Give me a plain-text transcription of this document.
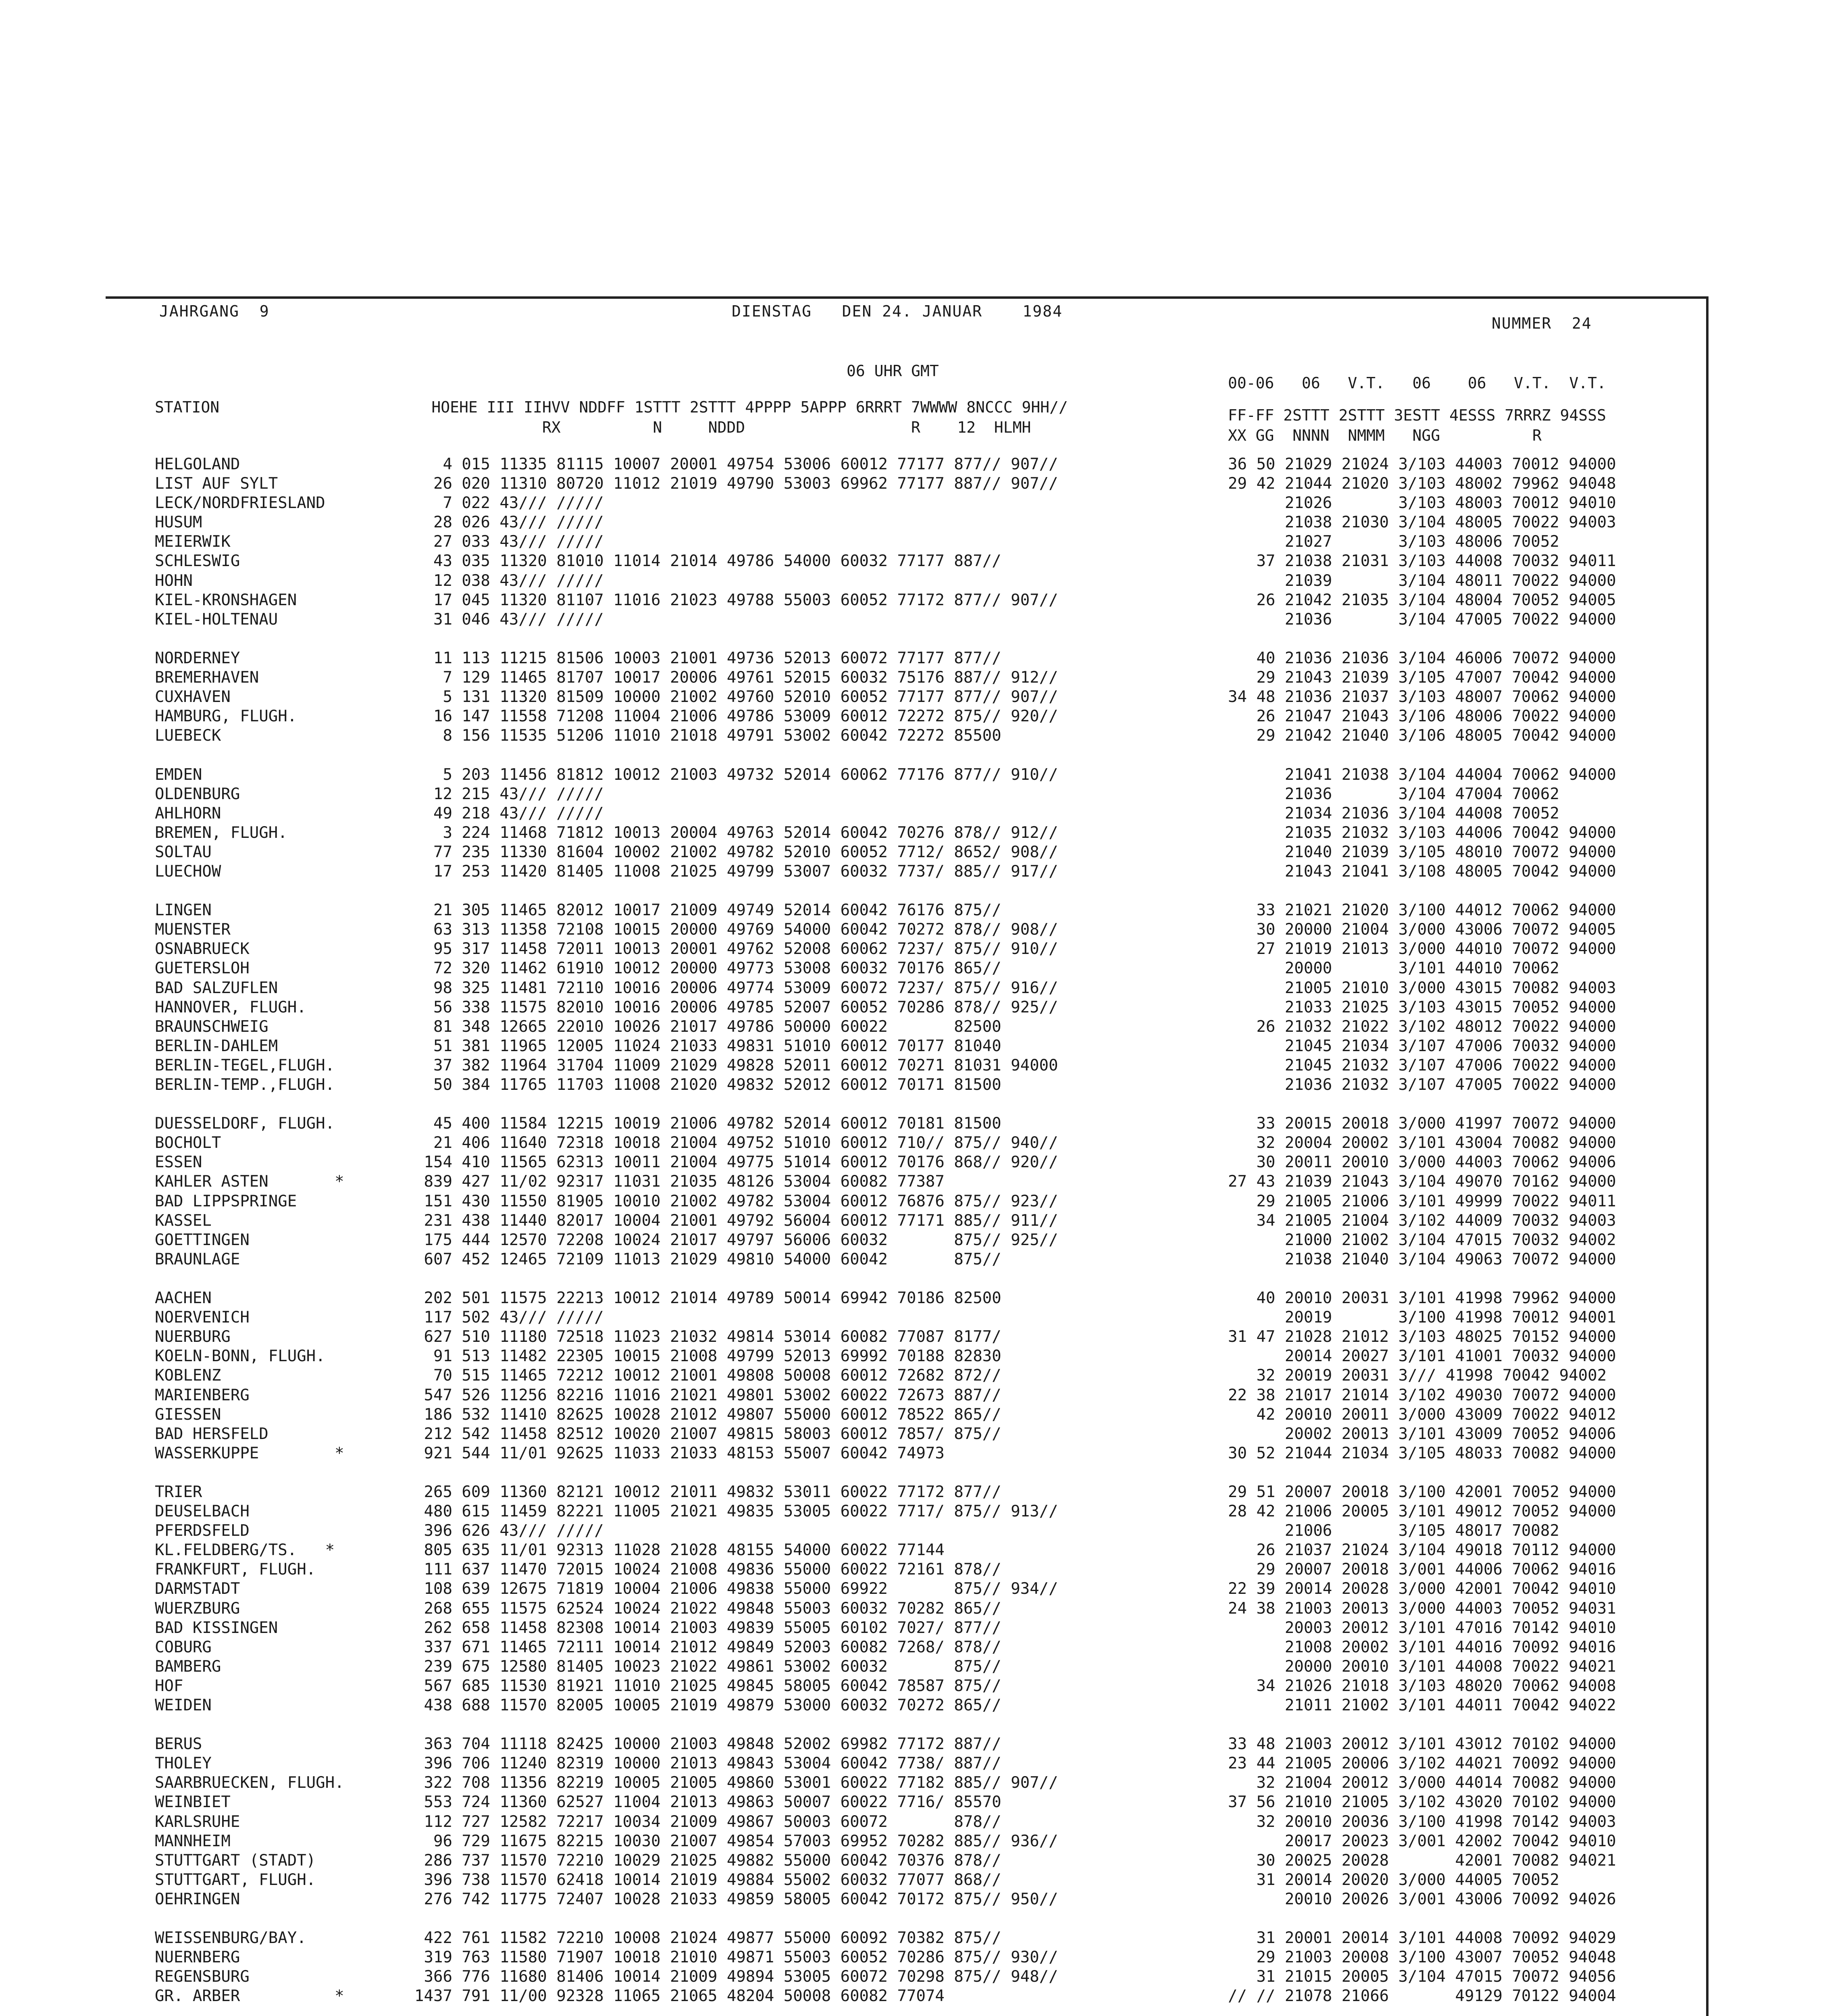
JAHRGANG  9	DIENSTAG   DEN 24. JANUAR    1984
NUMMER  24
06 UHR GMT
STATION                       HOEHE III IIHVV NDDFF 1STTT 2STTT 4PPPP 5APPP 6RRRT 7WWWW 8NCCC 9HH//
RX          N     NDDD                  R    12  HLMH
00-06   06   V.T.   06    06   V.T.  V.T.
FF-FF 2STTT 2STTT 3ESTT 4ESSS 7RRRZ 94SSS
XX GG  NNNN  NMMM   NGG          R
HELGOLAND
LIST AUF SYLT
LECK/NORDFRIESLAND
HUSUM
MEIERWIK
SCHLESWIG
HOHN
KIEL-KRONSHAGEN
KIEL-HOLTENAU
NORDERNEY
BREMERHAVEN
CUXHAVEN
HAMBURG, FLUGH.
LUEBECK
EMDEN
OLDENBURG
AHLHORN
BREMEN, FLUGH.
SOLTAU
LUECHOW
LINGEN
MUENSTER
OSNABRUECK
GUETERSLOH
BAD SALZUFLEN
HANNOVER, FLUGH.
BRAUNSCHWEIG
BERLIN-DAHLEM
BERLIN-TEGEL,FLUGH.
BERLIN-TEMP.,FLUGH.
DUESSELDORF, FLUGH.
BOCHOLT
ESSEN
KAHLER ASTEN       *
BAD LIPPSPRINGE
KASSEL
GOETTINGEN
BRAUNLAGE
AACHEN
NOERVENICH
NUERBURG
KOELN-BONN, FLUGH.
KOBLENZ
MARIENBERG
GIESSEN
BAD HERSFELD
WASSERKUPPE        *
TRIER
DEUSELBACH
PFERDSFELD
KL.FELDBERG/TS.   *
FRANKFURT, FLUGH.
DARMSTADT
WUERZBURG
BAD KISSINGEN
COBURG
BAMBERG
HOF
WEIDEN
BERUS
THOLEY
SAARBRUECKEN, FLUGH.
WEINBIET
KARLSRUHE
MANNHEIM
STUTTGART (STADT)
STUTTGART, FLUGH.
OEHRINGEN
WEISSENBURG/BAY.
NUERNBERG
REGENSBURG
GR. ARBER          *
4 015 11335 81115 10007 20001 49754 53006 60012 77177 877// 907//
26 020 11310 80720 11012 21019 49790 53003 69962 77177 887// 907//
7 022 43/// /////
28 026 43/// /////
27 033 43/// /////
43 035 11320 81010 11014 21014 49786 54000 60032 77177 887//
12 038 43/// /////
17 045 11320 81107 11016 21023 49788 55003 60052 77172 877// 907//
31 046 43/// /////
11 113 11215 81506 10003 21001 49736 52013 60072 77177 877//
7 129 11465 81707 10017 20006 49761 52015 60032 75176 887// 912//
5 131 11320 81509 10000 21002 49760 52010 60052 77177 877// 907//
16 147 11558 71208 11004 21006 49786 53009 60012 72272 875// 920//
8 156 11535 51206 11010 21018 49791 53002 60042 72272 85500
5 203 11456 81812 10012 21003 49732 52014 60062 77176 877// 910//
12 215 43/// /////
49 218 43/// /////
3 224 11468 71812 10013 20004 49763 52014 60042 70276 878// 912//
77 235 11330 81604 10002 21002 49782 52010 60052 7712/ 8652/ 908//
17 253 11420 81405 11008 21025 49799 53007 60032 7737/ 885// 917//
21 305 11465 82012 10017 21009 49749 52014 60042 76176 875//
63 313 11358 72108 10015 20000 49769 54000 60042 70272 878// 908//
95 317 11458 72011 10013 20001 49762 52008 60062 7237/ 875// 910//
72 320 11462 61910 10012 20000 49773 53008 60032 70176 865//
98 325 11481 72110 10016 20006 49774 53009 60072 7237/ 875// 916//
56 338 11575 82010 10016 20006 49785 52007 60052 70286 878// 925//
81 348 12665 22010 10026 21017 49786 50000 60022       82500
51 381 11965 12005 11024 21033 49831 51010 60012 70177 81040
37 382 11964 31704 11009 21029 49828 52011 60012 70271 81031 94000
50 384 11765 11703 11008 21020 49832 52012 60012 70171 81500
45 400 11584 12215 10019 21006 49782 52014 60012 70181 81500
21 406 11640 72318 10018 21004 49752 51010 60012 710// 875// 940//
154 410 11565 62313 10011 21004 49775 51014 60012 70176 868// 920//
839 427 11/02 92317 11031 21035 48126 53004 60082 77387
151 430 11550 81905 10010 21002 49782 53004 60012 76876 875// 923//
231 438 11440 82017 10004 21001 49792 56004 60012 77171 885// 911//
175 444 12570 72208 10024 21017 49797 56006 60032       875// 925//
607 452 12465 72109 11013 21029 49810 54000 60042       875//
202 501 11575 22213 10012 21014 49789 50014 69942 70186 82500
117 502 43/// /////
627 510 11180 72518 11023 21032 49814 53014 60082 77087 8177/
91 513 11482 22305 10015 21008 49799 52013 69992 70188 82830
70 515 11465 72212 10012 21001 49808 50008 60012 72682 872//
547 526 11256 82216 11016 21021 49801 53002 60022 72673 887//
186 532 11410 82625 10028 21012 49807 55000 60012 78522 865//
212 542 11458 82512 10020 21007 49815 58003 60012 7857/ 875//
921 544 11/01 92625 11033 21033 48153 55007 60042 74973
265 609 11360 82121 10012 21011 49832 53011 60022 77172 877//
480 615 11459 82221 11005 21021 49835 53005 60022 7717/ 875// 913//
396 626 43/// /////
805 635 11/01 92313 11028 21028 48155 54000 60022 77144
111 637 11470 72015 10024 21008 49836 55000 60022 72161 878//
108 639 12675 71819 10004 21006 49838 55000 69922       875// 934//
268 655 11575 62524 10024 21022 49848 55003 60032 70282 865//
262 658 11458 82308 10014 21003 49839 55005 60102 7027/ 877//
337 671 11465 72111 10014 21012 49849 52003 60082 7268/ 878//
239 675 12580 81405 10023 21022 49861 53002 60032       875//
567 685 11530 81921 11010 21025 49845 58005 60042 78587 875//
438 688 11570 82005 10005 21019 49879 53000 60032 70272 865//
363 704 11118 82425 10000 21003 49848 52002 69982 77172 887//
396 706 11240 82319 10000 21013 49843 53004 60042 7738/ 887//
322 708 11356 82219 10005 21005 49860 53001 60022 77182 885// 907//
553 724 11360 62527 11004 21013 49863 50007 60022 7716/ 85570
112 727 12582 72217 10034 21009 49867 50003 60072       878//
96 729 11675 82215 10030 21007 49854 57003 69952 70282 885// 936//
286 737 11570 72210 10029 21025 49882 55000 60042 70376 878//
396 738 11570 62418 10014 21019 49884 55002 60032 77077 868//
276 742 11775 72407 10028 21033 49859 58005 60042 70172 875// 950//
422 761 11582 72210 10008 21024 49877 55000 60092 70382 875//
319 763 11580 71907 10018 21010 49871 55003 60052 70286 875// 930//
366 776 11680 81406 10014 21009 49894 53005 60072 70298 875// 948//
1437 791 11/00 92328 11065 21065 48204 50008 60082 77074
36 50 21029 21024 3/103 44003 70012 94000
29 42 21044 21020 3/103 48002 79962 94048
21026       3/103 48003 70012 94010
21038 21030 3/104 48005 70022 94003
21027       3/103 48006 70052
37 21038 21031 3/103 44008 70032 94011
21039       3/104 48011 70022 94000
26 21042 21035 3/104 48004 70052 94005
21036       3/104 47005 70022 94000
40 21036 21036 3/104 46006 70072 94000
29 21043 21039 3/105 47007 70042 94000
34 48 21036 21037 3/103 48007 70062 94000
26 21047 21043 3/106 48006 70022 94000
29 21042 21040 3/106 48005 70042 94000
21041 21038 3/104 44004 70062 94000
21036       3/104 47004 70062
21034 21036 3/104 44008 70052
21035 21032 3/103 44006 70042 94000
21040 21039 3/105 48010 70072 94000
21043 21041 3/108 48005 70042 94000
33 21021 21020 3/100 44012 70062 94000
30 20000 21004 3/000 43006 70072 94005
27 21019 21013 3/000 44010 70072 94000
20000       3/101 44010 70062
21005 21010 3/000 43015 70082 94003
21033 21025 3/103 43015 70052 94000
26 21032 21022 3/102 48012 70022 94000
21045 21034 3/107 47006 70032 94000
21045 21032 3/107 47006 70022 94000
21036 21032 3/107 47005 70022 94000
33 20015 20018 3/000 41997 70072 94000
32 20004 20002 3/101 43004 70082 94000
30 20011 20010 3/000 44003 70062 94006
27 43 21039 21043 3/104 49070 70162 94000
29 21005 21006 3/101 49999 70022 94011
34 21005 21004 3/102 44009 70032 94003
21000 21002 3/104 47015 70032 94002
21038 21040 3/104 49063 70072 94000
40 20010 20031 3/101 41998 79962 94000
20019       3/100 41998 70012 94001
31 47 21028 21012 3/103 48025 70152 94000
20014 20027 3/101 41001 70032 94000
32 20019 20031 3/// 41998 70042 94002
22 38 21017 21014 3/102 49030 70072 94000
42 20010 20011 3/000 43009 70022 94012
20002 20013 3/101 43009 70052 94006
30 52 21044 21034 3/105 48033 70082 94000
29 51 20007 20018 3/100 42001 70052 94000
28 42 21006 20005 3/101 49012 70052 94000
21006       3/105 48017 70082
26 21037 21024 3/104 49018 70112 94000
29 20007 20018 3/001 44006 70062 94016
22 39 20014 20028 3/000 42001 70042 94010
24 38 21003 20013 3/000 44003 70052 94031
20003 20012 3/101 47016 70142 94010
21008 20002 3/101 44016 70092 94016
20000 20010 3/101 44008 70022 94021
34 21026 21018 3/103 48020 70062 94008
21011 21002 3/101 44011 70042 94022
33 48 21003 20012 3/101 43012 70102 94000
23 44 21005 20006 3/102 44021 70092 94000
32 21004 20012 3/000 44014 70082 94000
37 56 21010 21005 3/102 43020 70102 94000
32 20010 20036 3/100 41998 70142 94003
20017 20023 3/001 42002 70042 94010
30 20025 20028       42001 70082 94021
31 20014 20020 3/000 44005 70052
20010 20026 3/001 43006 70092 94026
31 20001 20014 3/101 44008 70092 94029
29 21003 20008 3/100 43007 70052 94048
31 21015 20005 3/104 47015 70072 94056
// // 21078 21066       49129 70122 94004
